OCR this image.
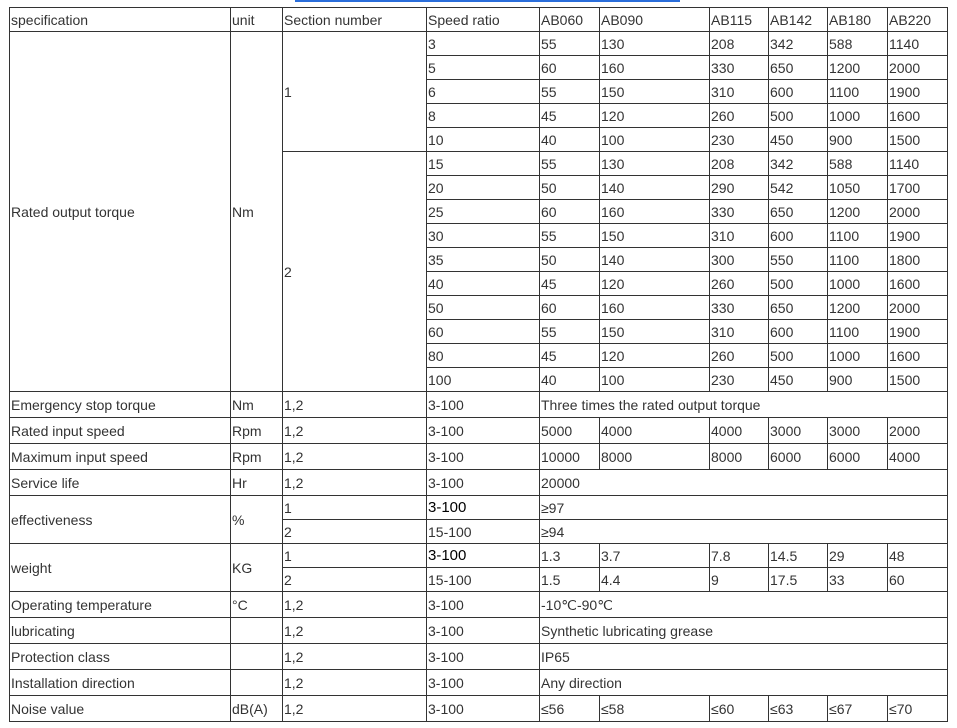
specification	unit	Section number	Speed ratio	AB060	AB090	AB115	AB142	AB180	AB220
Rated output torque	Nm	1	3	55	130	208	342	588	1140
			5	60	160	330	650	1200	2000
			6	55	150	310	600	1100	1900
			8	45	120	260	500	1000	1600
			10	40	100	230	450	900	1500
		2	15	55	130	208	342	588	1140
			20	50	140	290	542	1050	1700
			25	60	160	330	650	1200	2000
			30	55	150	310	600	1100	1900
			35	50	140	300	550	1100	1800
			40	45	120	260	500	1000	1600
			50	60	160	330	650	1200	2000
			60	55	150	310	600	1100	1900
			80	45	120	260	500	1000	1600
			100	40	100	230	450	900	1500
Emergency stop torque	Nm	1,2	3-100	Three times the rated output torque					
Rated input speed	Rpm	1,2	3-100	5000	4000	4000	3000	3000	2000
Maximum input speed	Rpm	1,2	3-100	10000	8000	8000	6000	6000	4000
Service life	Hr	1,2	3-100	20000					
effectiveness	%	1	3-100	≥97					
		2	15-100	≥94					
weight	KG	1	3-100	1.3	3.7	7.8	14.5	29	48
		2	15-100	1.5	4.4	9	17.5	33	60
Operating temperature	°C	1,2	3-100	-10℃-90℃					
lubricating		1,2	3-100	Synthetic lubricating grease					
Protection class		1,2	3-100	IP65					
Installation direction		1,2	3-100	Any direction					
Noise value	dB(A)	1,2	3-100	≤56	≤58	≤60	≤63	≤67	≤70
